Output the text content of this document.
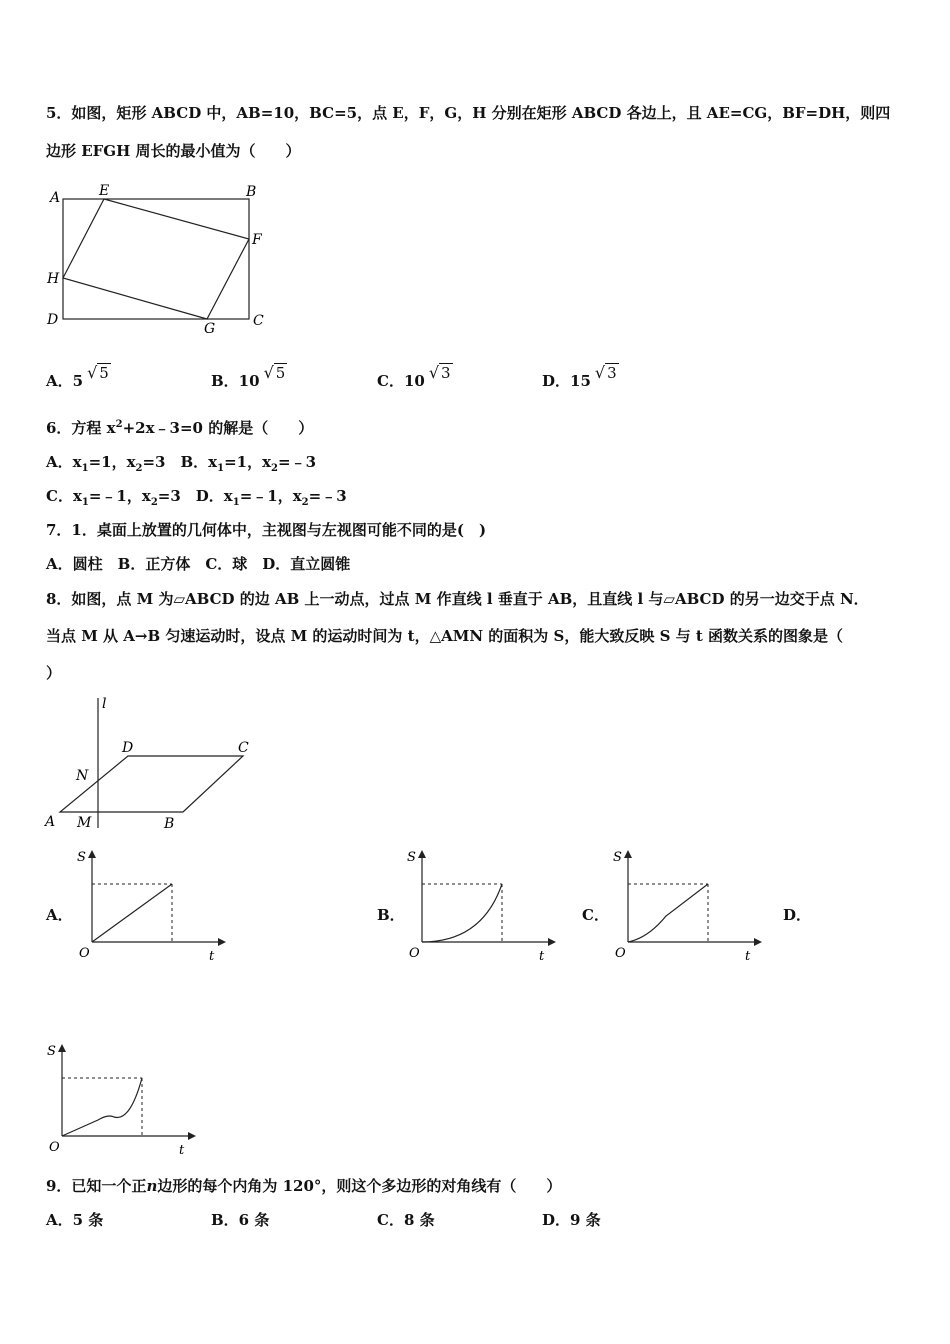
5．如图，矩形 ABCD 中，AB=10，BC=5，点 E，F，G，H 分别在矩形 ABCD 各边上，且 AE=CG，BF=DH，则四
边形 EFGH 周长的最小值为（　　）
A	E	B
F
H
D
G	C
A．5 √ 5	B．10 √ 5	C．10 √ 3	D．15 √ 3
6．方程 $x^2+2x﹣3=0$ 的解是（　　）
A．$x_1=1$，$x_2=3$　B．$x_1=1$，$x_2=﹣3$
C．$x_1=﹣1$，$x_2=3$　D．$x_1=﹣1$，$x_2=﹣3$
7．1．桌面上放置的几何体中，主视图与左视图可能不同的是(　)
A．圆柱　B．正方体　C．球　D．直立圆锥
8．如图，点 M 为▱ABCD 的边 AB 上一动点，过点 M 作直线 l 垂直于 AB，且直线 l 与▱ABCD 的另一边交于点 N．
当点 M 从 A→B 匀速运动时，设点 M 的运动时间为 t，△AMN 的面积为 S，能大致反映 S 与 t 函数关系的图象是（
）
l
D	C
N
A M	B
A．
S
O	t
B．
S
O	t
C．
S
O	t
D．
S
O	t
9．已知一个正n边形的每个内角为 120°，则这个多边形的对角线有（　　）
A．5 条	B．6 条	C．8 条	D．9 条
